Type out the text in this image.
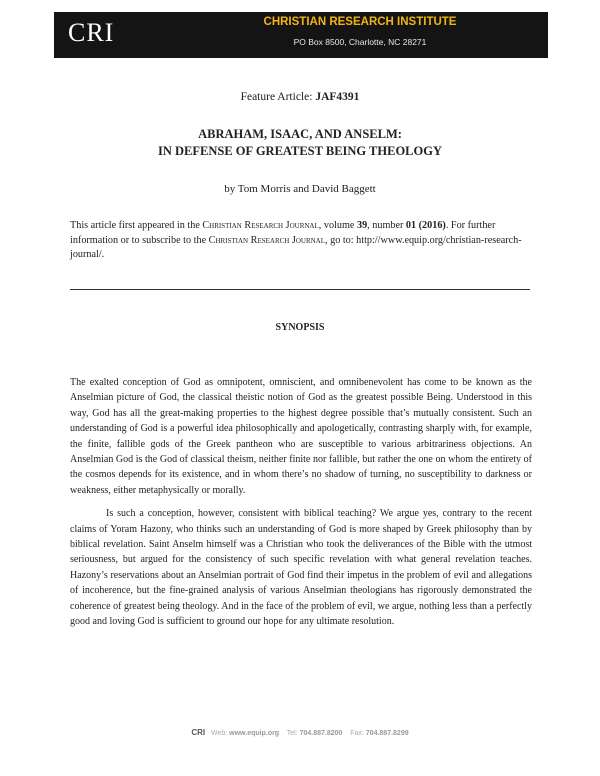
CRI	CHRISTIAN RESEARCH INSTITUTE
PO Box 8500, Charlotte, NC 28271
Feature Article: JAF4391
ABRAHAM, ISAAC, AND ANSELM:
IN DEFENSE OF GREATEST BEING THEOLOGY
by Tom Morris and David Baggett
This article first appeared in the Christian Research Journal, volume 39, number 01 (2016). For further information or to subscribe to the Christian Research Journal, go to: http://www.equip.org/christian-research-journal/.
SYNOPSIS

The exalted conception of God as omnipotent, omniscient, and omnibenevolent has come to be known as the Anselmian picture of God, the classical theistic notion of God as the greatest possible Being. Understood in this way, God has all the great-making properties to the highest degree possible that’s mutually consistent. Such an understanding of God is a powerful idea philosophically and apologetically, contrasting sharply with, for example, the finite, fallible gods of the Greek pantheon who are susceptible to various arbitrariness objections. An Anselmian God is the God of classical theism, neither finite nor fallible, but rather the one on whom the entirety of the cosmos depends for its existence, and in whom there’s no shadow of turning, no susceptibility to darkness or weakness, either metaphysically or morally.

Is such a conception, however, consistent with biblical teaching? We argue yes, contrary to the recent claims of Yoram Hazony, who thinks such an understanding of God is more shaped by Greek philosophy than by biblical revelation. Saint Anselm himself was a Christian who took the deliverances of the Bible with the utmost seriousness, but argued for the consistency of such specific revelation with what general revelation teaches. Hazony’s reservations about an Anselmian portrait of God find their impetus in the problem of evil and allegations of incoherence, but the fine-grained analysis of various Anselmian theologians has rigorously demonstrated the coherence of greatest being theology. And in the face of the problem of evil, we argue, nothing less than a perfectly good and loving God is sufficient to ground our hope for any ultimate resolution.

CRI Web: www.equip.org Tel: 704.887.8200 Fax: 704.887.8299
